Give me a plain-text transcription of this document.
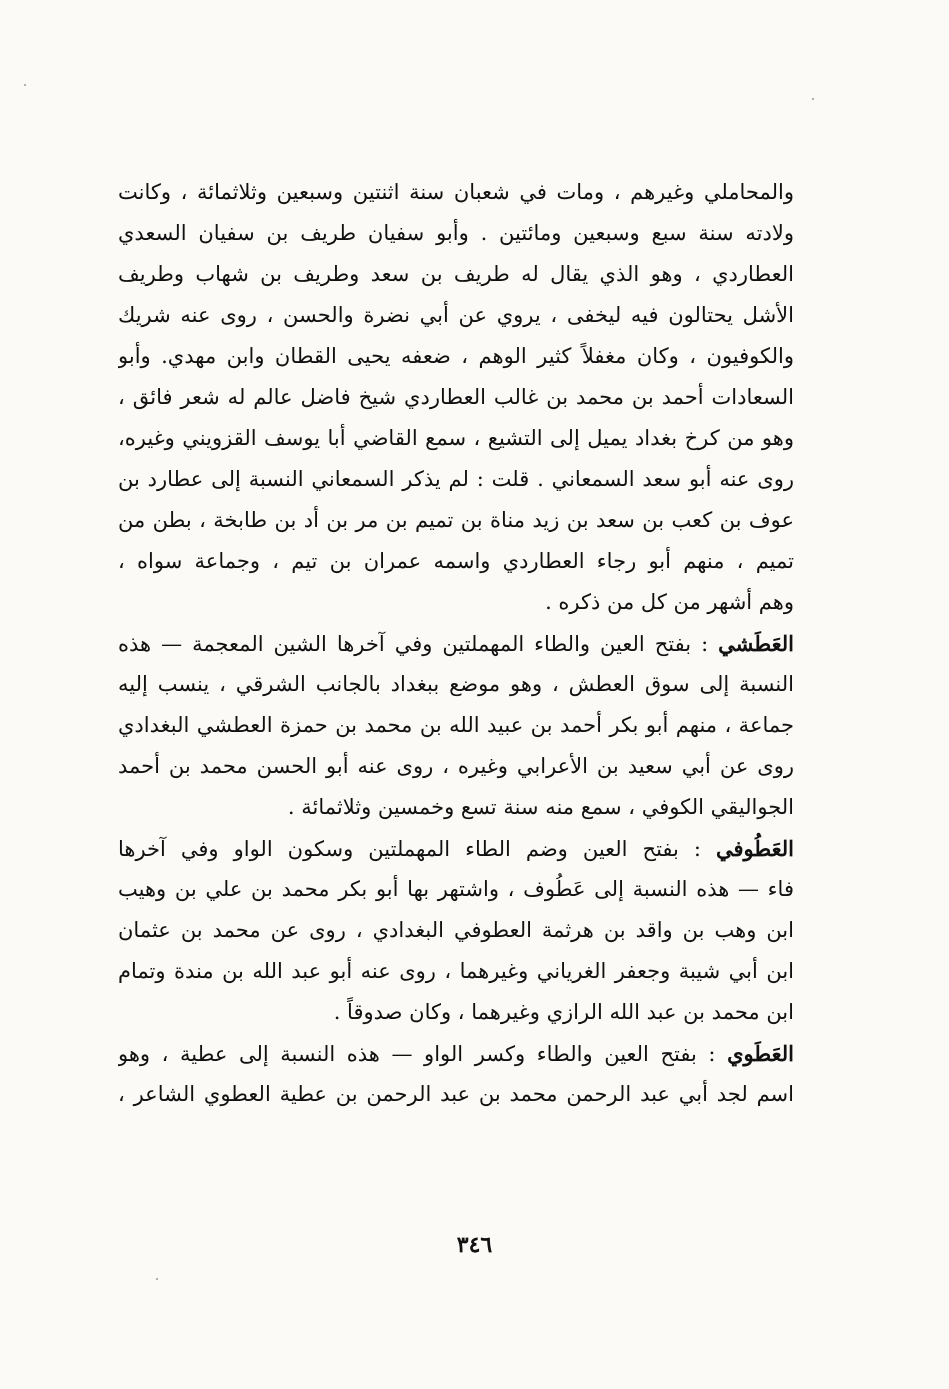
والمحاملي وغيرهم ، ومات في شعبان سنة اثنتين وسبعين وثلاثمائة ، وكانت
ولادته سنة سبع وسبعين ومائتين . وأبو سفيان طريف بن سفيان السعدي
العطاردي ، وهو الذي يقال له طريف بن سعد وطريف بن شهاب وطريف
الأشل يحتالون فيه ليخفى ، يروي عن أبي نضرة والحسن ، روى عنه شريك
والكوفيون ، وكان مغفلاً كثير الوهم ، ضعفه يحيى القطان وابن مهدي. وأبو
السعادات أحمد بن محمد بن غالب العطاردي شيخ فاضل عالم له شعر فائق ،
وهو من كرخ بغداد يميل إلى التشيع ، سمع القاضي أبا يوسف القزويني وغيره،
روى عنه أبو سعد السمعاني . قلت : لم يذكر السمعاني النسبة إلى عطارد بن
عوف بن كعب بن سعد بن زيد مناة بن تميم بن مر بن أد بن طابخة ، بطن من
تميم ، منهم أبو رجاء العطاردي واسمه عمران بن تيم ، وجماعة سواه ،
وهم أشهر من كل من ذكره .
العَطَشي : بفتح العين والطاء المهملتين وفي آخرها الشين المعجمة — هذه
النسبة إلى سوق العطش ، وهو موضع ببغداد بالجانب الشرقي ، ينسب إليه
جماعة ، منهم أبو بكر أحمد بن عبيد الله بن محمد بن حمزة العطشي البغدادي
روى عن أبي سعيد بن الأعرابي وغيره ، روى عنه أبو الحسن محمد بن أحمد
الجواليقي الكوفي ، سمع منه سنة تسع وخمسين وثلاثمائة .
العَطُوفي : بفتح العين وضم الطاء المهملتين وسكون الواو وفي آخرها
فاء — هذه النسبة إلى عَطُوف ، واشتهر بها أبو بكر محمد بن علي بن وهيب
ابن وهب بن واقد بن هرثمة العطوفي البغدادي ، روى عن محمد بن عثمان
ابن أبي شيبة وجعفر الغرياني وغيرهما ، روى عنه أبو عبد الله بن مندة وتمام
ابن محمد بن عبد الله الرازي وغيرهما ، وكان صدوقاً .
العَطَوي : بفتح العين والطاء وكسر الواو — هذه النسبة إلى عطية ، وهو
اسم لجد أبي عبد الرحمن محمد بن عبد الرحمن بن عطية العطوي الشاعر ،
٣٤٦
